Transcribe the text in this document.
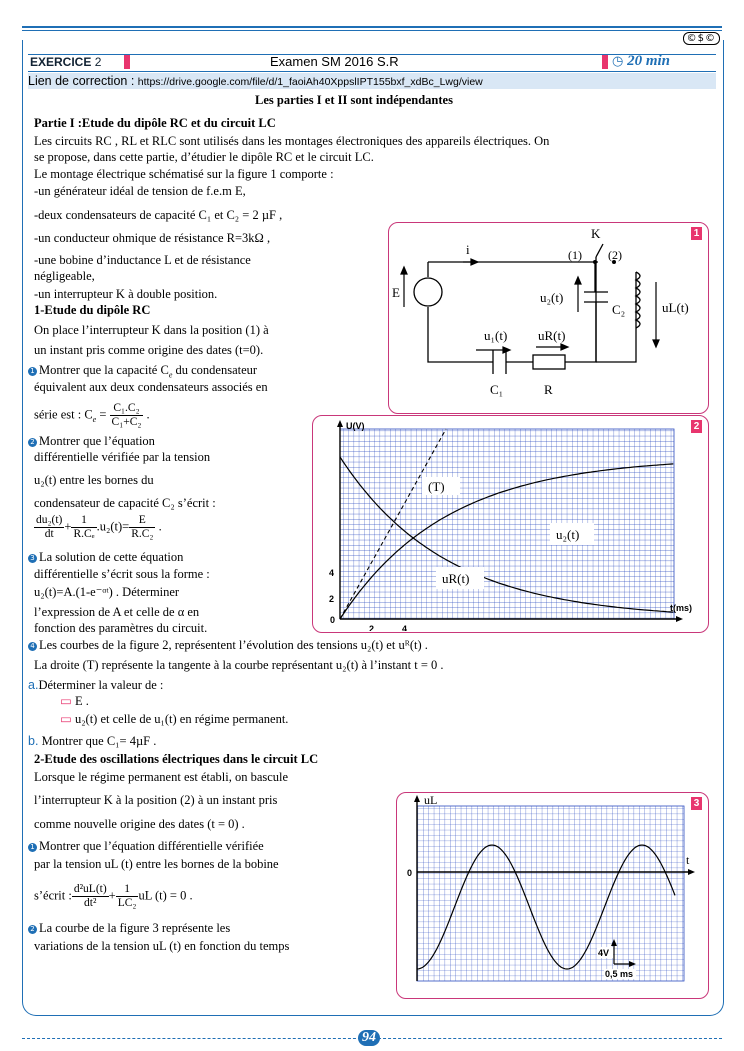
©$©
EXERCICE 2	Examen SM 2016 S.R	◷ 20 min
Lien de correction : https://drive.google.com/file/d/1_faoiAh40XppslIPT155bxf_xdBc_Lwg/view
Les parties I et II sont indépendantes
Partie I :Etude du dipôle RC et du circuit LC
Les circuits RC , RL et RLC sont utilisés dans les montages électroniques des appareils électriques. On
se propose, dans cette partie, d’étudier le dipôle RC et le circuit LC.
Le montage électrique schématisé sur la figure 1 comporte :
-un générateur idéal de tension de f.e.m E,
-deux condensateurs de capacité C₁ et C₂ = 2 µF ,
-un conducteur ohmique de résistance R=3kΩ ,
-une bobine d’inductance L et de résistance
négligeable,
-un interrupteur K à double position.
1-Etude du dipôle RC
On place l’interrupteur K dans la position (1) à
un instant pris comme origine des dates (t=0).
1 Montrer que la capacité $C_e$ du condensateur
équivalent aux deux condensateurs associés en
série est : $C_e = \frac{\text{C₁.C₂}}{\text{C₁+C₂}}$ .
2 Montrer que l’équation
différentielle vérifiée par la tension
u₂(t) entre les bornes du
condensateur de capacité C₂ s’écrit :
$\frac{\text{du₂(t)}}{dt} + \frac{1}{\text{R.Cₑ}} .u_2(t)= \frac{E}{\text{R.C₂}}$ .
3 La solution de cette équation
différentielle s’écrit sous la forme :
u₂(t)=A.(1-e⁻ᵅᵗ) . Déterminer
l’expression de A et celle de α en
fonction des paramètres du circuit.
4 Les courbes de la figure 2, représentent l’évolution des tensions u₂(t) et uᴿ(t) .
La droite (T) représente la tangente à la courbe représentant u₂(t) à l’instant t = 0 .
a.Déterminer la valeur de :
▭ E .
▭ u₂(t) et celle de u₁(t) en régime permanent.
b. Montrer que C₁= 4µF .
2-Etude des oscillations électriques dans le circuit LC
Lorsque le régime permanent est établi, on bascule
l’interrupteur K à la position (2) à un instant pris
comme nouvelle origine des dates (t = 0) .
1 Montrer que l’équation différentielle vérifiée
par la tension uL (t) entre les bornes de la bobine
s’écrit : $\frac{\text{d²uL(t)}}{\text{dt²}} + \frac{1}{\text{LC₂}}$ uL (t) = 0 .
2 La courbe de la figure 3 représente les
variations de la tension uL (t) en fonction du temps
1
i
K
(1) (2)
E	u₂(t)
C₂	uL(t)
u₁(t) uR(t)
C₁	R
2
U(V)
t(ms)
0
4
2
2	4
(T)
u₂(t)
uR(t)
3
0
4V
0,5 ms
uL
t
94
